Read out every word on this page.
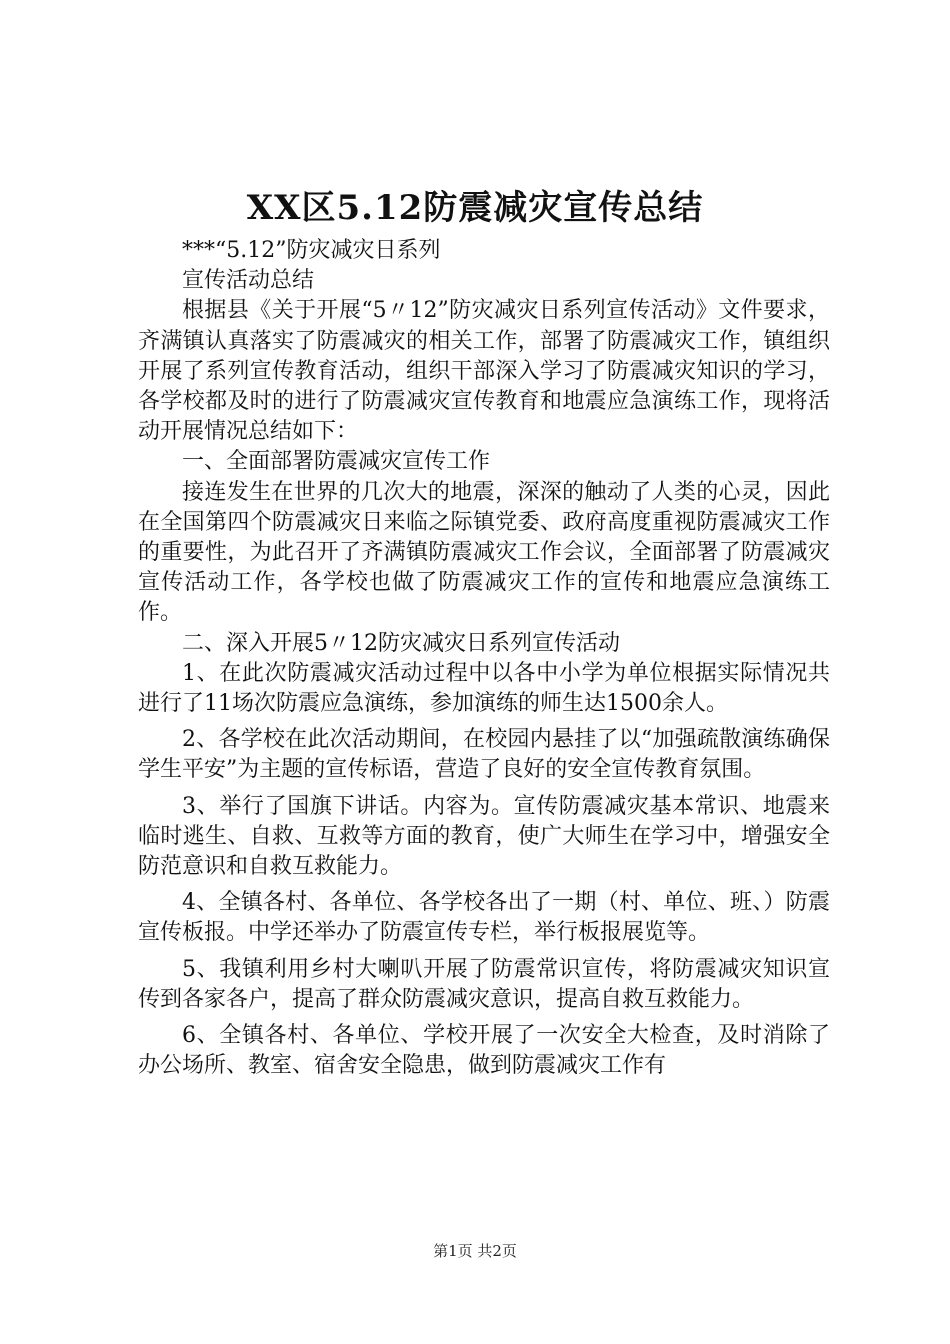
XX区5.12防震减灾宣传总结

***“5.12”防灾减灾日系列

宣传活动总结

根据县《关于开展“5〃12”防灾减灾日系列宣传活动》文件要求，齐满镇认真落实了防震减灾的相关工作，部署了防震减灾工作，镇组织开展了系列宣传教育活动，组织干部深入学习了防震减灾知识的学习，各学校都及时的进行了防震减灾宣传教育和地震应急演练工作，现将活动开展情况总结如下：

一、全面部署防震减灾宣传工作

接连发生在世界的几次大的地震，深深的触动了人类的心灵，因此在全国第四个防震减灾日来临之际镇党委、政府高度重视防震减灾工作的重要性，为此召开了齐满镇防震减灾工作会议，全面部署了防震减灾宣传活动工作，各学校也做了防震减灾工作的宣传和地震应急演练工作。

二、深入开展5〃12防灾减灾日系列宣传活动

1、在此次防震减灾活动过程中以各中小学为单位根据实际情况共进行了11场次防震应急演练，参加演练的师生达1500余人。

2、各学校在此次活动期间，在校园内悬挂了以“加强疏散演练确保学生平安”为主题的宣传标语，营造了良好的安全宣传教育氛围。

3、举行了国旗下讲话。内容为。宣传防震减灾基本常识、地震来临时逃生、自救、互救等方面的教育，使广大师生在学习中，增强安全防范意识和自救互救能力。

4、全镇各村、各单位、各学校各出了一期（村、单位、班、）防震宣传板报。中学还举办了防震宣传专栏，举行板报展览等。

5、我镇利用乡村大喇叭开展了防震常识宣传，将防震减灾知识宣传到各家各户，提高了群众防震减灾意识，提高自救互救能力。

6、全镇各村、各单位、学校开展了一次安全大检查，及时消除了办公场所、教室、宿舍安全隐患，做到防震减灾工作有

第1页 共2页
